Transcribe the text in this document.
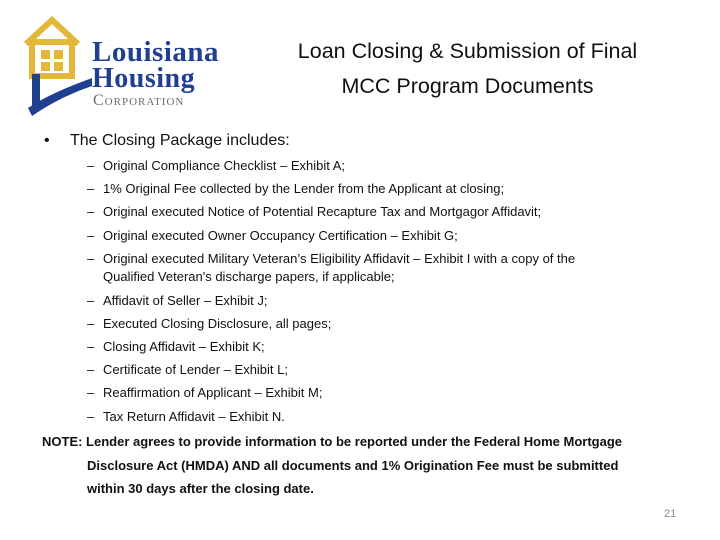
Louisiana
Housing
Corporation
Loan Closing & Submission of Final
MCC Program Documents
• The Closing Package includes:
– Original Compliance Checklist – Exhibit A;
– 1% Original Fee collected by the Lender from the Applicant at closing;
– Original executed Notice of Potential Recapture Tax and Mortgagor Affidavit;
– Original executed Owner Occupancy Certification – Exhibit G;
– Original executed Military Veteran’s Eligibility Affidavit – Exhibit I with a copy of the
Qualified Veteran's discharge papers, if applicable;
– Affidavit of Seller – Exhibit J;
– Executed Closing Disclosure, all pages;
– Closing Affidavit – Exhibit K;
– Certificate of Lender – Exhibit L;
– Reaffirmation of Applicant – Exhibit M;
– Tax Return Affidavit – Exhibit N.
NOTE: Lender agrees to provide information to be reported under the Federal Home Mortgage
Disclosure Act (HMDA) AND all documents and 1% Origination Fee must be submitted
within 30 days after the closing date.
21
